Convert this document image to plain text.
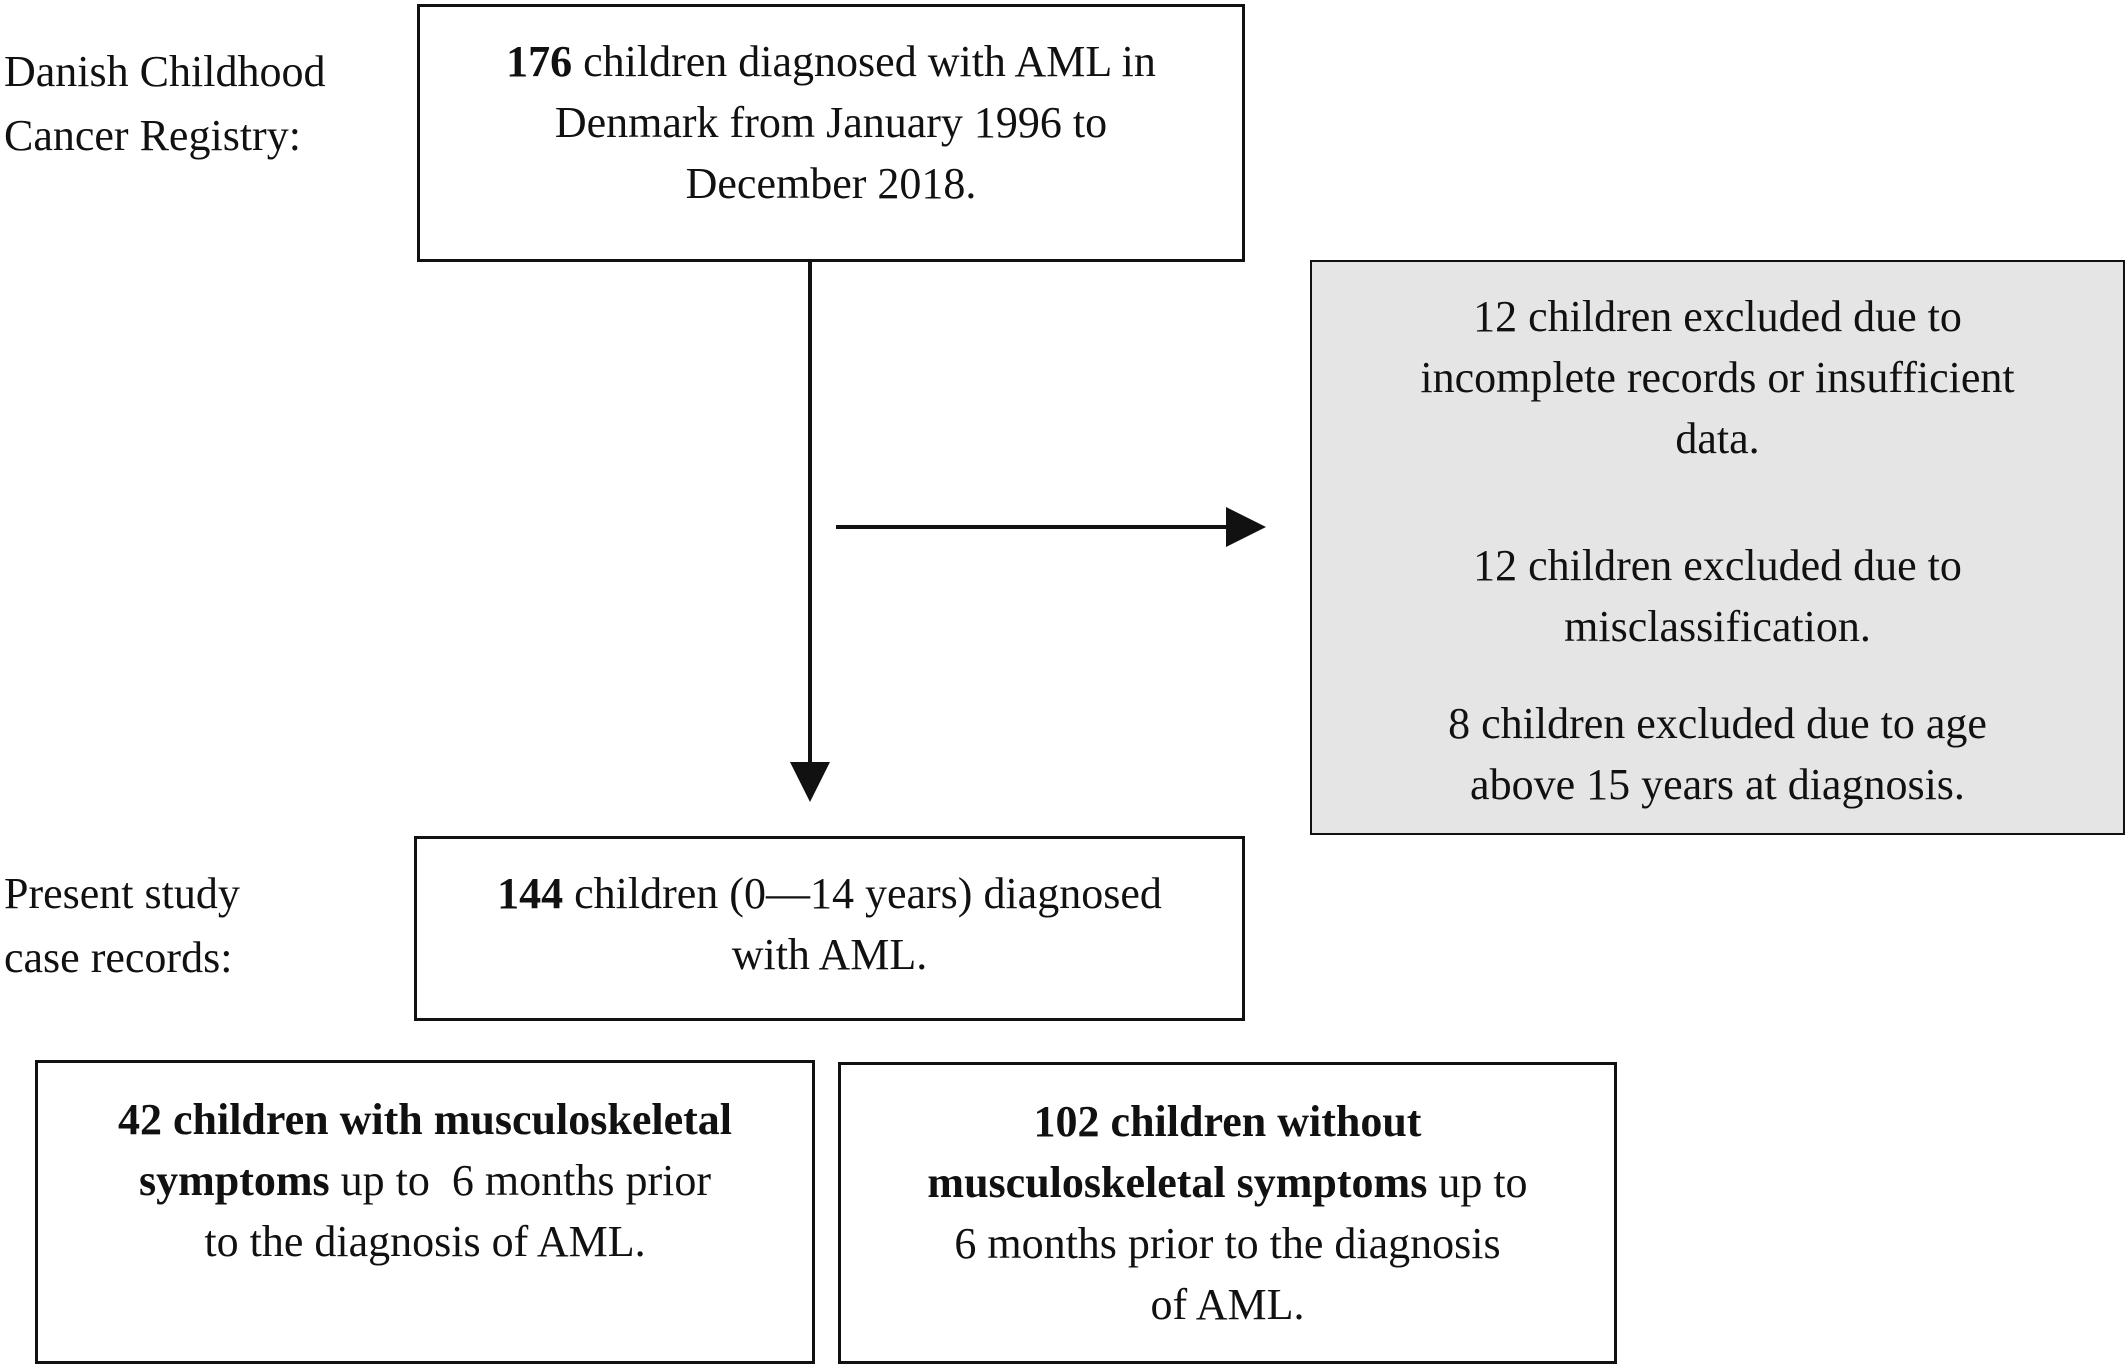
Danish Childhood
Cancer Registry:

176 children diagnosed with AML in

Denmark from January 1996 to

December 2018.

12 children excluded due to

incomplete records or insufficient

data.

12 children excluded due to

misclassification.

8 children excluded due to age

above 15 years at diagnosis.

Present study
case records:

144 children (0—14 years) diagnosed

with AML.

42 children with musculoskeletal

symptoms up to  6 months prior

to the diagnosis of AML.

102 children without

musculoskeletal symptoms up to

6 months prior to the diagnosis

of AML.
